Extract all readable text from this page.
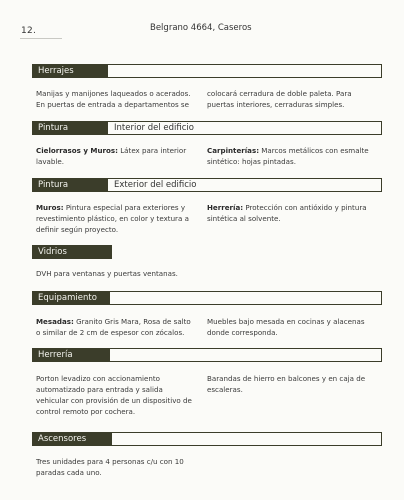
12.	Belgrano 4664, Caseros
Herrajes
Manijas y manijones laqueados o acerados. En puertas de entrada a departamentos se
colocará cerradura de doble paleta. Para puertas interiores, cerraduras simples.
Pintura	Interior del edificio
Cielorrasos y Muros: Látex para interior lavable.
Carpinterías: Marcos metálicos con esmalte sintético: hojas pintadas.
Pintura	Exterior del edificio
Muros: Pintura especial para exteriores y revestimiento plástico, en color y textura a definir según proyecto.
Herrería: Protección con antióxido y pintura sintética al solvente.
Vidrios
DVH para ventanas y puertas ventanas.
Equipamiento
Mesadas: Granito Gris Mara, Rosa de salto o similar de 2 cm de espesor con zócalos.
Muebles bajo mesada en cocinas y alacenas donde corresponda.
Herrería
Porton levadizo con accionamiento automatizado para entrada y salida vehicular con provisión de un dispositivo de control remoto por cochera.
Barandas de hierro en balcones y en caja de escaleras.
Ascensores
Tres unidades para 4 personas c/u con 10 paradas cada uno.
